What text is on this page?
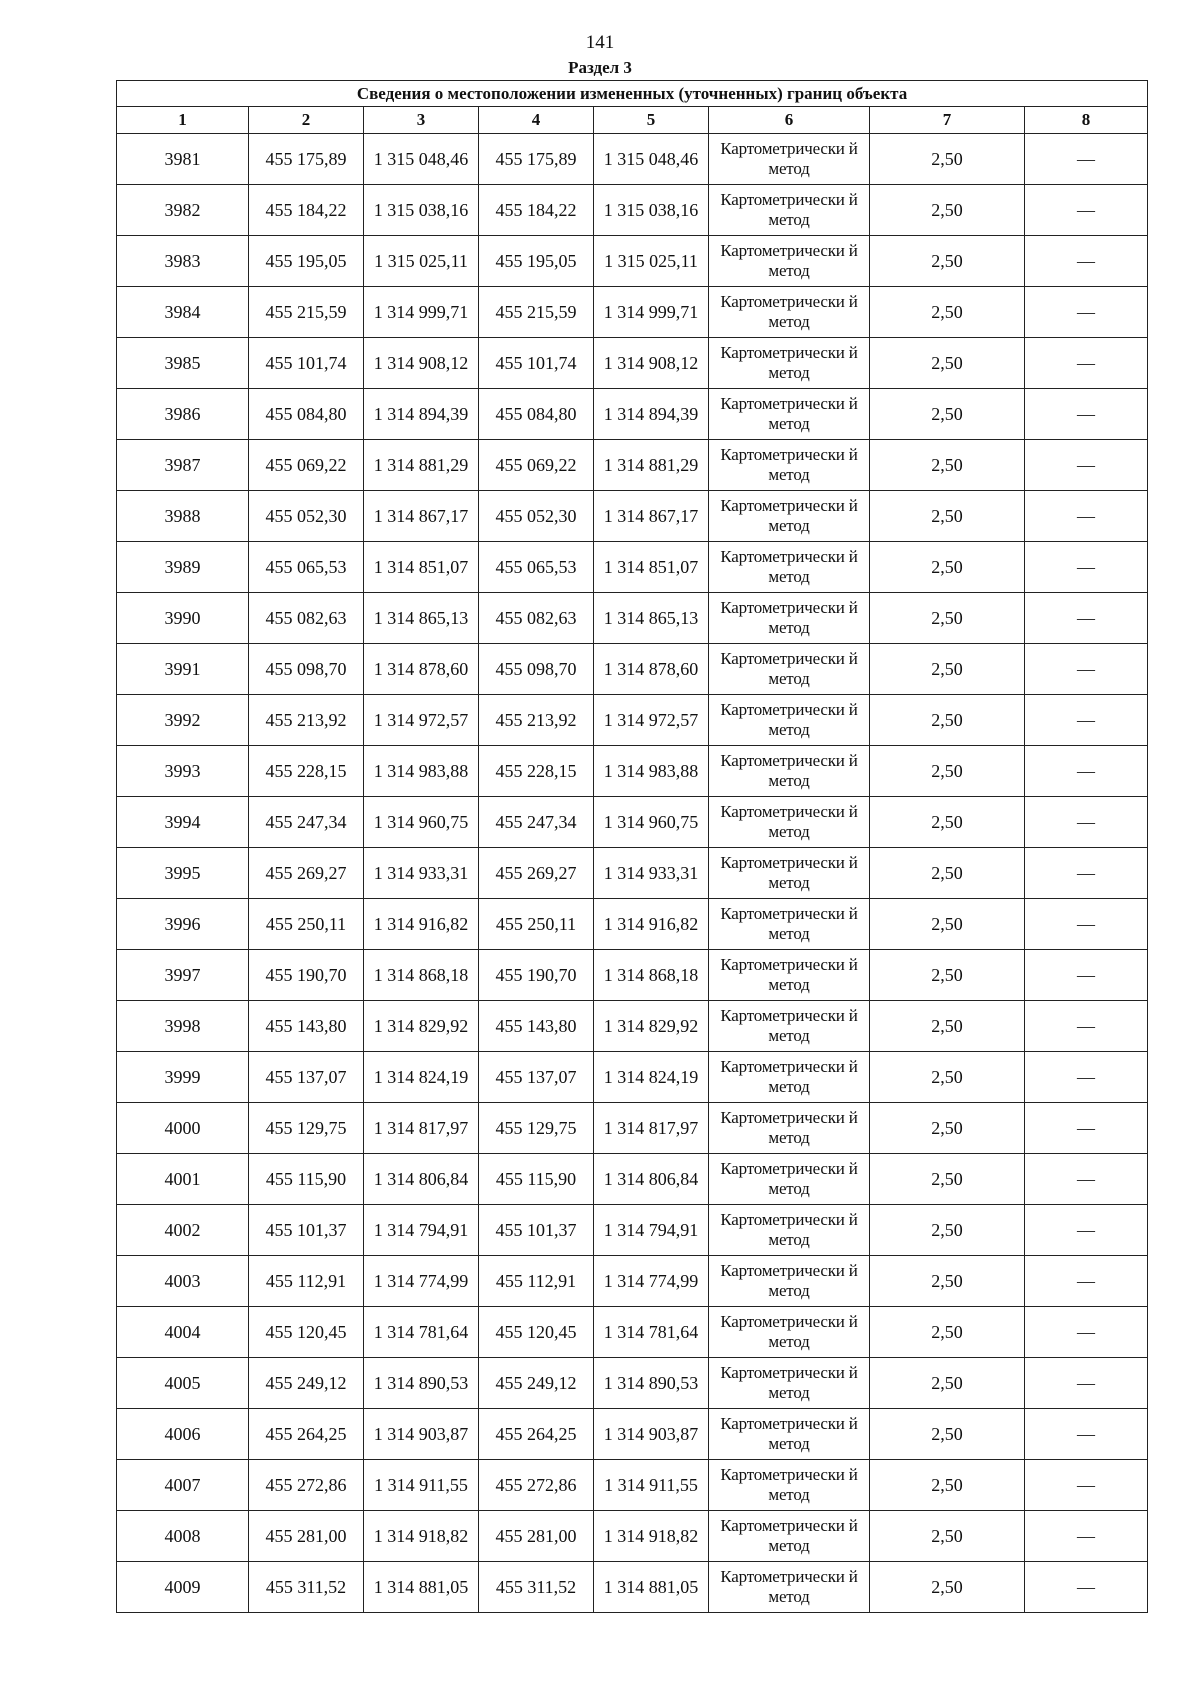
141
Раздел 3
Сведения о местоположении измененных (уточненных) границ объекта							
1	2	3	4	5	6	7	8
3981	455 175,89	1 315 048,46	455 175,89	1 315 048,46	Картометрически й метод	2,50	—
3982	455 184,22	1 315 038,16	455 184,22	1 315 038,16	Картометрически й метод	2,50	—
3983	455 195,05	1 315 025,11	455 195,05	1 315 025,11	Картометрически й метод	2,50	—
3984	455 215,59	1 314 999,71	455 215,59	1 314 999,71	Картометрически й метод	2,50	—
3985	455 101,74	1 314 908,12	455 101,74	1 314 908,12	Картометрически й метод	2,50	—
3986	455 084,80	1 314 894,39	455 084,80	1 314 894,39	Картометрически й метод	2,50	—
3987	455 069,22	1 314 881,29	455 069,22	1 314 881,29	Картометрически й метод	2,50	—
3988	455 052,30	1 314 867,17	455 052,30	1 314 867,17	Картометрически й метод	2,50	—
3989	455 065,53	1 314 851,07	455 065,53	1 314 851,07	Картометрически й метод	2,50	—
3990	455 082,63	1 314 865,13	455 082,63	1 314 865,13	Картометрически й метод	2,50	—
3991	455 098,70	1 314 878,60	455 098,70	1 314 878,60	Картометрически й метод	2,50	—
3992	455 213,92	1 314 972,57	455 213,92	1 314 972,57	Картометрически й метод	2,50	—
3993	455 228,15	1 314 983,88	455 228,15	1 314 983,88	Картометрически й метод	2,50	—
3994	455 247,34	1 314 960,75	455 247,34	1 314 960,75	Картометрически й метод	2,50	—
3995	455 269,27	1 314 933,31	455 269,27	1 314 933,31	Картометрически й метод	2,50	—
3996	455 250,11	1 314 916,82	455 250,11	1 314 916,82	Картометрически й метод	2,50	—
3997	455 190,70	1 314 868,18	455 190,70	1 314 868,18	Картометрически й метод	2,50	—
3998	455 143,80	1 314 829,92	455 143,80	1 314 829,92	Картометрически й метод	2,50	—
3999	455 137,07	1 314 824,19	455 137,07	1 314 824,19	Картометрически й метод	2,50	—
4000	455 129,75	1 314 817,97	455 129,75	1 314 817,97	Картометрически й метод	2,50	—
4001	455 115,90	1 314 806,84	455 115,90	1 314 806,84	Картометрически й метод	2,50	—
4002	455 101,37	1 314 794,91	455 101,37	1 314 794,91	Картометрически й метод	2,50	—
4003	455 112,91	1 314 774,99	455 112,91	1 314 774,99	Картометрически й метод	2,50	—
4004	455 120,45	1 314 781,64	455 120,45	1 314 781,64	Картометрически й метод	2,50	—
4005	455 249,12	1 314 890,53	455 249,12	1 314 890,53	Картометрически й метод	2,50	—
4006	455 264,25	1 314 903,87	455 264,25	1 314 903,87	Картометрически й метод	2,50	—
4007	455 272,86	1 314 911,55	455 272,86	1 314 911,55	Картометрически й метод	2,50	—
4008	455 281,00	1 314 918,82	455 281,00	1 314 918,82	Картометрически й метод	2,50	—
4009	455 311,52	1 314 881,05	455 311,52	1 314 881,05	Картометрически й метод	2,50	—
